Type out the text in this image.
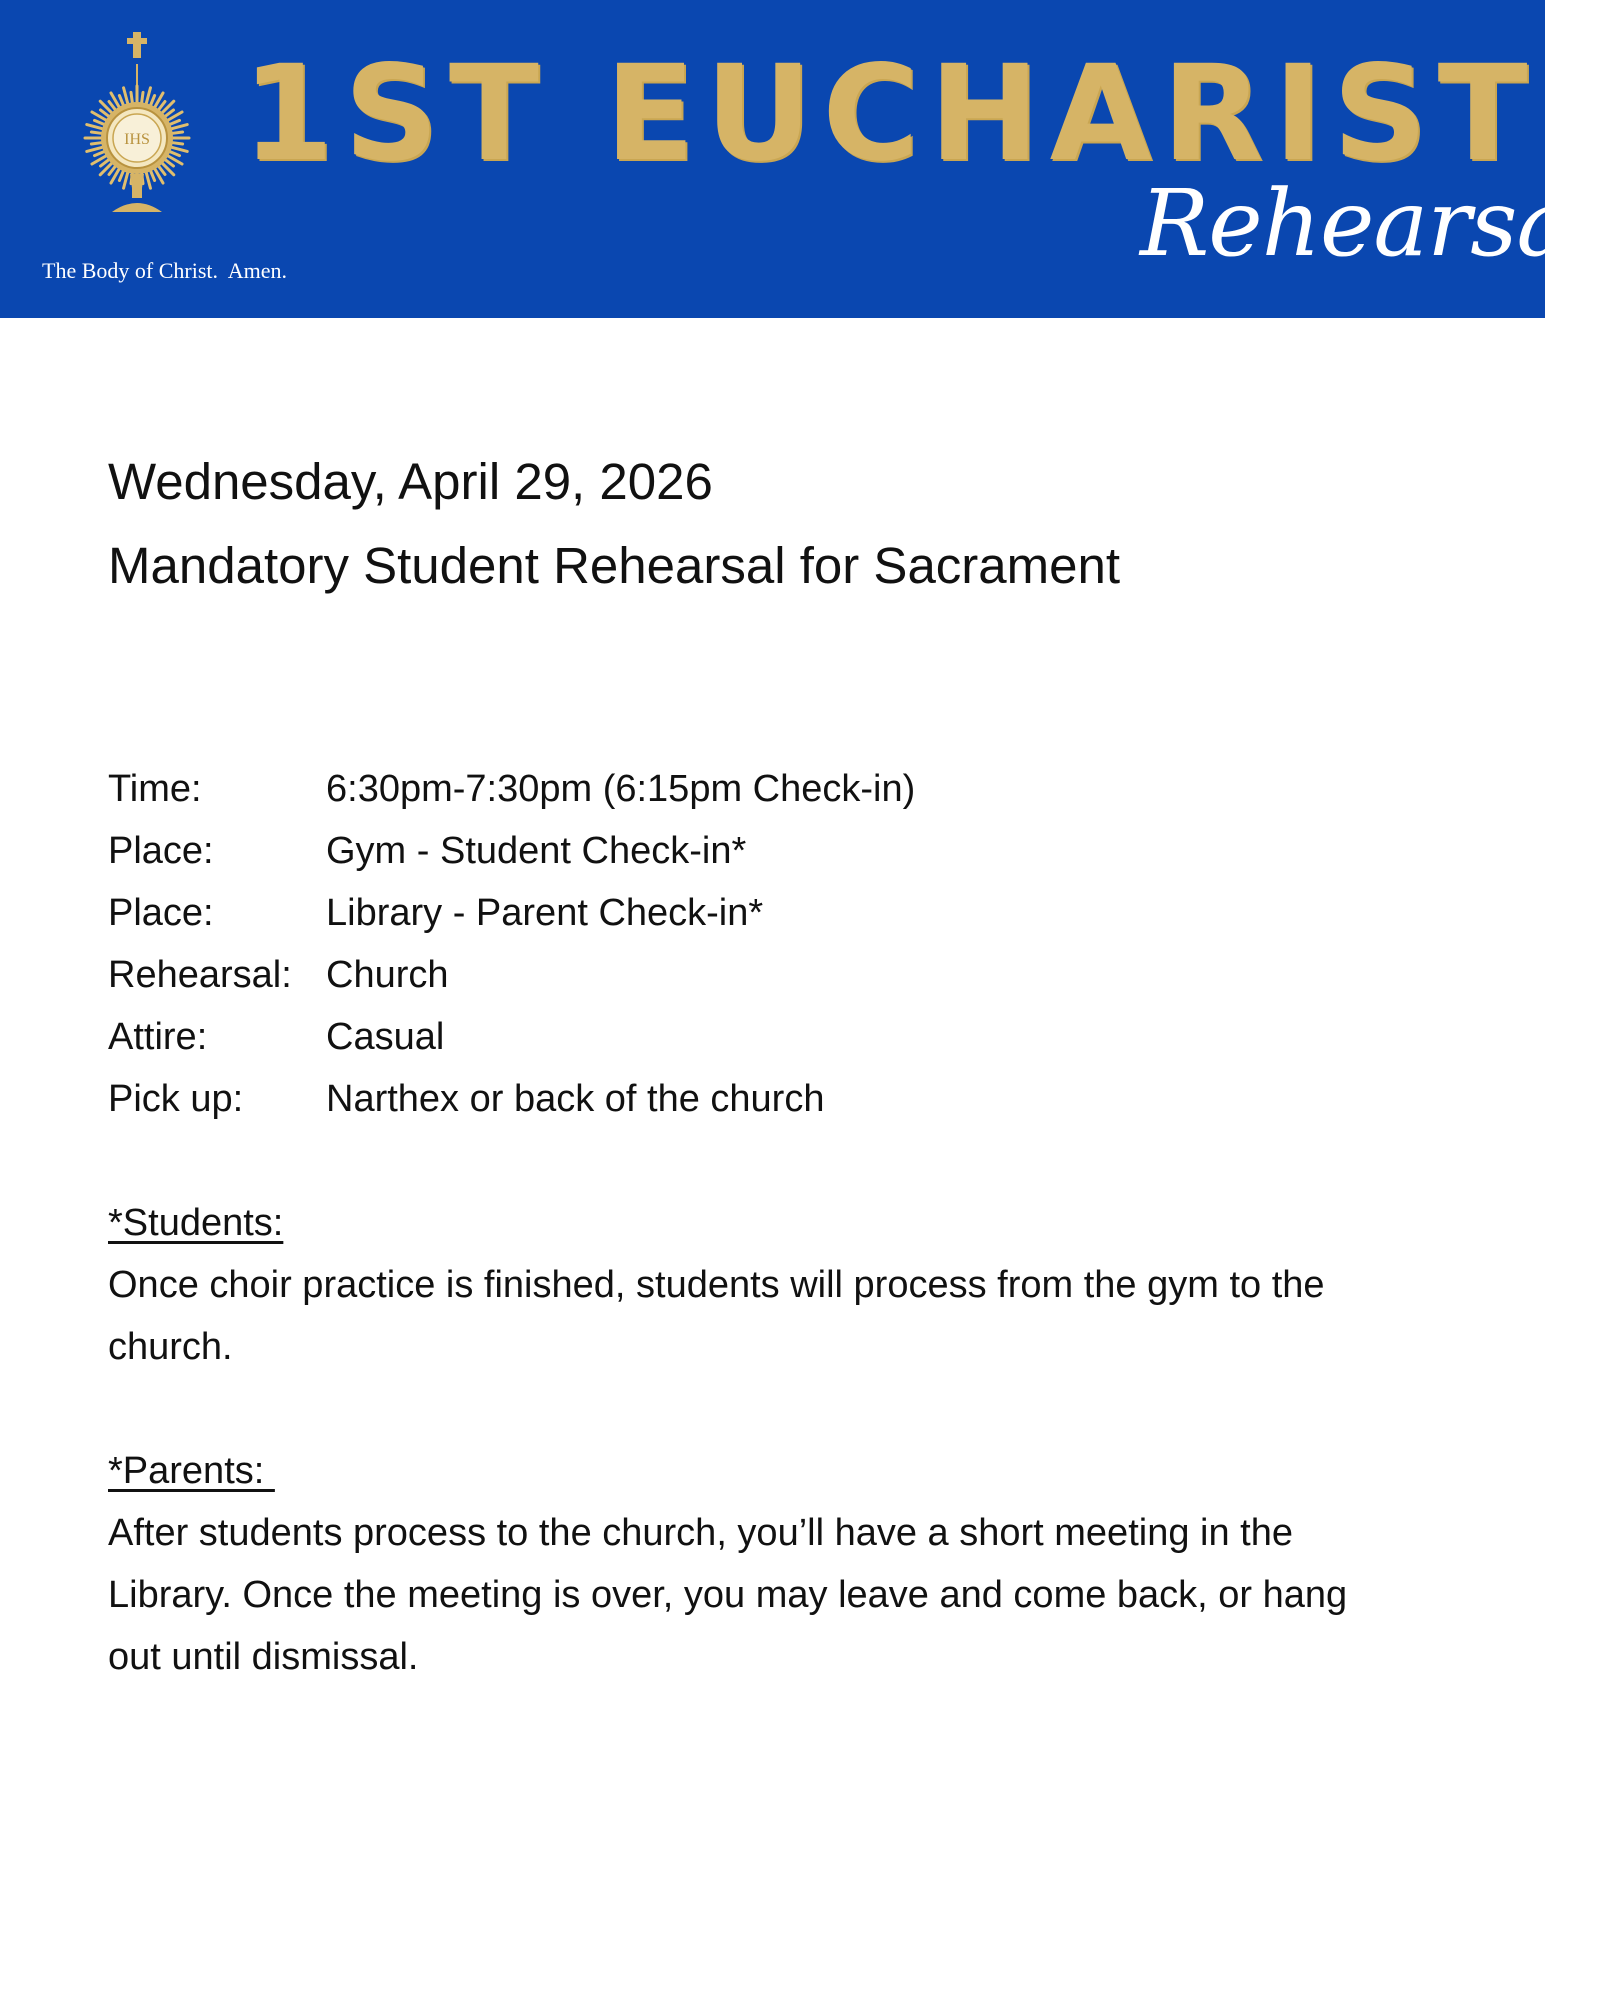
IHS 1ST EUCHARIST
Rehearsal
The Body of Christ.  Amen.
Wednesday, April 29, 2026
Mandatory Student Rehearsal for Sacrament
Time:	6:30pm-7:30pm (6:15pm Check-in)
Place:	Gym - Student Check-in*
Place:	Library - Parent Check-in*
Rehearsal: Church
Attire:	Casual
Pick up:	Narthex or back of the church
*Students:
Once choir practice is finished, students will process from the gym to the
church.
*Parents:
After students process to the church, you’ll have a short meeting in the
Library. Once the meeting is over, you may leave and come back, or hang
out until dismissal.
